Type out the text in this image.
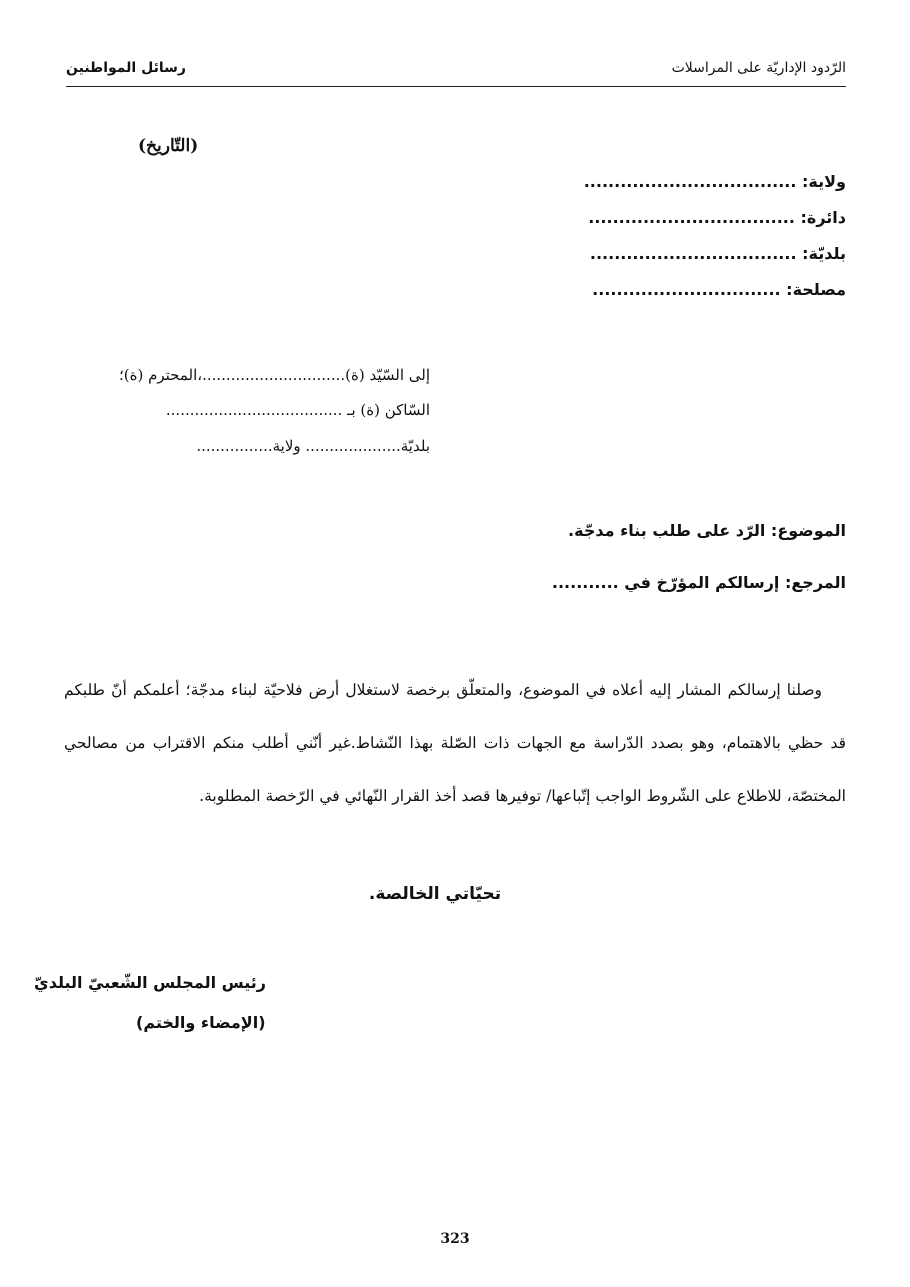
الرّدود الإداريّة على المراسلات
رسائل المواطنين
(التّاريخ)
ولاية: ...................................
دائرة: ..................................
بلديّة: ..................................
مصلحة: ...............................
إلى السّيّد (ة)..............................،المحترم (ة)؛
السّاكن (ة) بـ .....................................
بلديّة.................... ولاية................
الموضوع: الرّد على طلب بناء مدجّة.
المرجع: إرسالكم المؤرّخ في ...........
وصلنا إرسالكم المشار إليه أعلاه في الموضوع، والمتعلّق برخصة لاستغلال أرض فلاحيّة لبناء مدجّة؛ أعلمكم أنّ طلبكم قد حظي بالاهتمام، وهو بصدد الدّراسة مع الجهات ذات الصّلة بهذا النّشاط.غير أنّني أطلب منكم الاقتراب من مصالحي المختصّة، للاطلاع على الشّروط الواجب إتّباعها/ توفيرها قصد أخذ القرار النّهائي في الرّخصة المطلوبة.
تحيّاتي الخالصة.
رئيس المجلس الشّعبيّ البلديّ
(الإمضاء والختم)
323
